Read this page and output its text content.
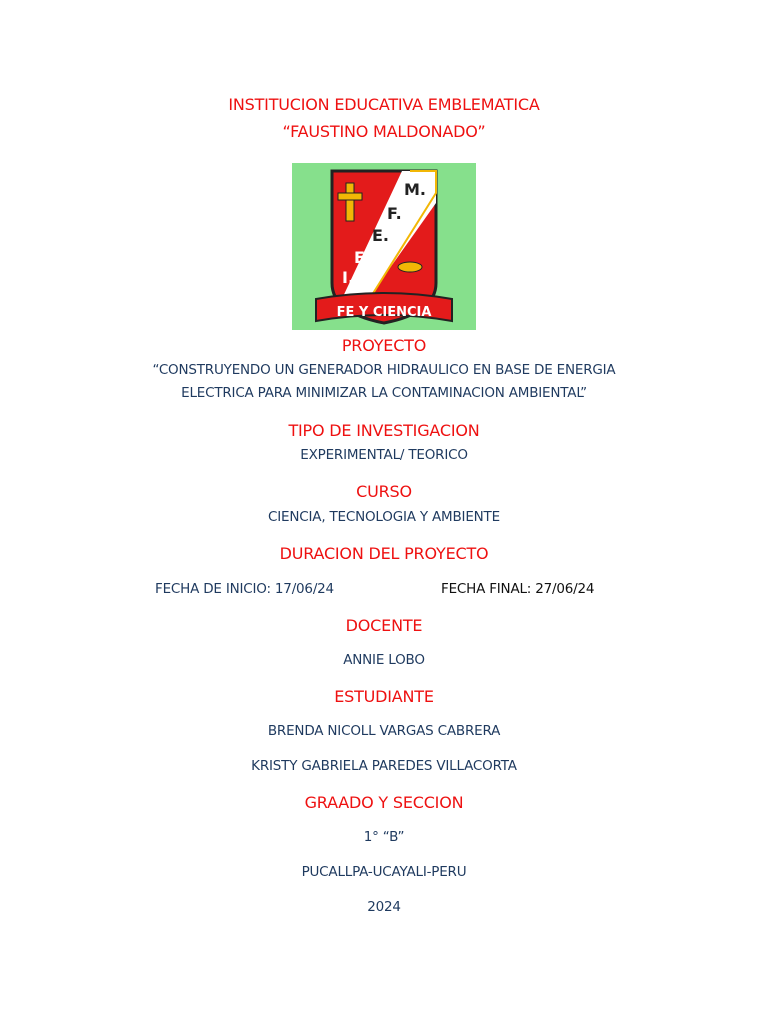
INSTITUCION EDUCATIVA EMBLEMATICA
“FAUSTINO MALDONADO”
M.
F.
E.
E.
I.
FE Y CIENCIA
PROYECTO
“CONSTRUYENDO UN GENERADOR HIDRAULICO EN BASE DE ENERGIA
ELECTRICA PARA MINIMIZAR LA CONTAMINACION AMBIENTAL”
TIPO DE INVESTIGACION
EXPERIMENTAL/ TEORICO
CURSO
CIENCIA, TECNOLOGIA Y AMBIENTE
DURACION DEL PROYECTO
FECHA DE INICIO: 17/06/24	FECHA FINAL: 27/06/24
DOCENTE
ANNIE LOBO
ESTUDIANTE
BRENDA NICOLL VARGAS CABRERA
KRISTY GABRIELA PAREDES VILLACORTA
GRAADO Y SECCION
1° “B”
PUCALLPA-UCAYALI-PERU
2024
